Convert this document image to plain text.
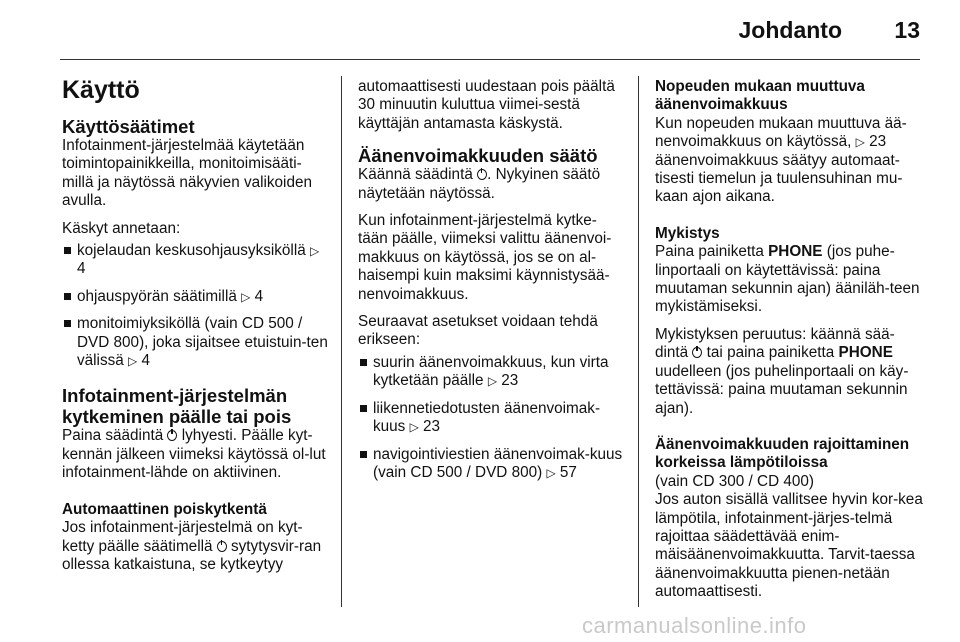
Johdanto 13
Käyttö
Käyttösäätimet

Infotainment-järjestelmää käytetään toimintopainikkeilla, monitoimisääti-millä ja näytössä näkyvien valikoiden avulla.

Käskyt annetaan:

kojelaudan keskusohjausyksiköllä ▷ 4
ohjauspyörän säätimillä ▷ 4
monitoimiyksiköllä (vain CD 500 / DVD 800), joka sijaitsee etuistuin-ten välissä ▷ 4
Infotainment-järjestelmän kytkeminen päälle tai pois

Paina säädintä lyhyesti. Päälle kyt-kennän jälkeen viimeksi käytössä ol-lut infotainment-lähde on aktiivinen.

Automaattinen poiskytkentä

Jos infotainment-järjestelmä on kyt-ketty päälle säätimellä sytytysvir-ran ollessa katkaistuna, se kytkeytyy

automaattisesti uudestaan pois päältä 30 minuutin kuluttua viimei-sestä käyttäjän antamasta käskystä.

Äänenvoimakkuuden säätö

Käännä säädintä . Nykyinen säätö näytetään näytössä.

Kun infotainment-järjestelmä kytke-tään päälle, viimeksi valittu äänenvoi-makkuus on käytössä, jos se on al-haisempi kuin maksimi käynnistysää-nenvoimakkuus.

Seuraavat asetukset voidaan tehdä erikseen:

suurin äänenvoimakkuus, kun virta kytketään päälle ▷ 23
liikennetiedotusten äänenvoimak-kuus ▷ 23
navigointiviestien äänenvoimak-kuus (vain CD 500 / DVD 800) ▷ 57
Nopeuden mukaan muuttuva äänenvoimakkuus

Kun nopeuden mukaan muuttuva ää-nenvoimakkuus on käytössä, ▷ 23 äänenvoimakkuus säätyy automaat-tisesti tiemelun ja tuulensuhinan mu-kaan ajon aikana.

Mykistys

Paina painiketta PHONE (jos puhe-linportaali on käytettävissä: paina muutaman sekunnin ajan) ääniläh-teen mykistämiseksi.

Mykistyksen peruutus: käännä sää-dintä tai paina painiketta PHONE uudelleen (jos puhelinportaali on käy-tettävissä: paina muutaman sekunnin ajan).

Äänenvoimakkuuden rajoittaminen korkeissa lämpötiloissa

(vain CD 300 / CD 400)

Jos auton sisällä vallitsee hyvin kor-kea lämpötila, infotainment-järjes-telmä rajoittaa säädettävää enim-mäisäänenvoimakkuutta. Tarvit-taessa äänenvoimakkuutta pienen-netään automaattisesti.

carmanualsonline.info
